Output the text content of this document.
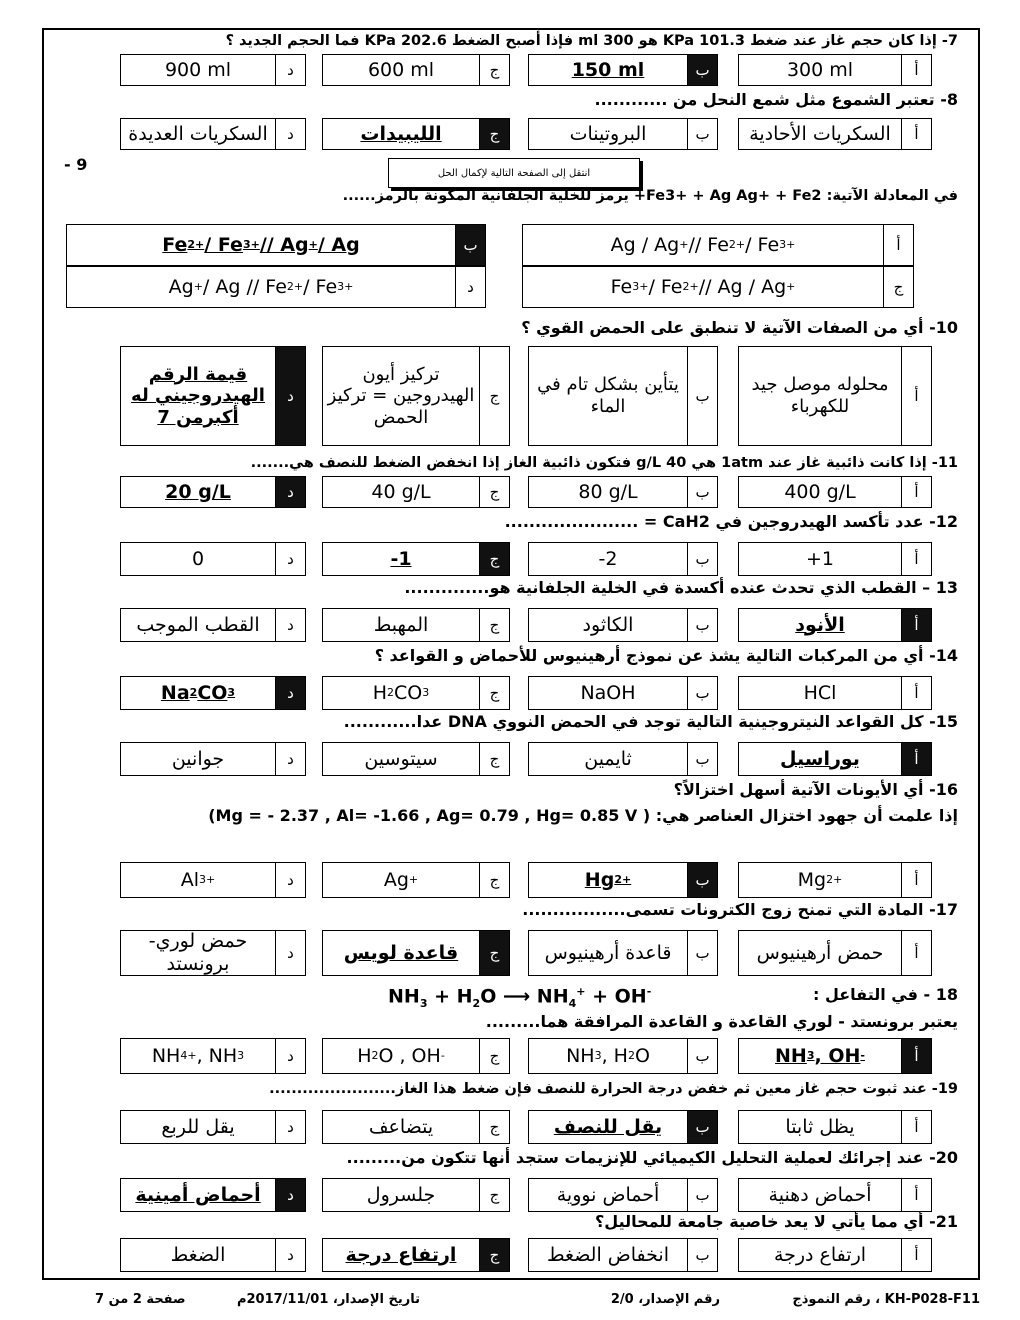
7- إذا كان حجم غاز عند ضغط 101.3 KPa هو 300 ml فإذا أصبح الضغط 202.6 KPa فما الحجم الجديد ؟
أ
300 ml
ب
150 ml
ج
600 ml
د
900 ml
8- تعتبر الشموع مثل شمع النحل من ............
أ
السكريات الأحادية
ب
البروتينات
ج
الليبيدات
د
السكريات العديدة
9 -
في المعادلة الآتية: Fe3+ + Ag Ag+ + Fe2+ يرمز للخلية الجلفانية المكونة بالرمز......
أ
Ag / Ag + // Fe 2+ / Fe 3+
ب
Fe 2+ / Fe 3+ // Ag + / Ag
ج
Fe 3+ / Fe 2+ // Ag / Ag +
د
Ag + / Ag // Fe 2+ / Fe 3+
10- أي من الصفات الآتية لا تنطبق على الحمض القوي ؟
أ
محلوله موصل جيد للكهرباء
ب
يتأين بشكل تام في الماء
ج
تركيز أيون الهيدروجين = تركيز الحمض
د
قيمة الرقم الهيدروجيني له أكبرمن 7
11- إذا كانت ذائبية غاز عند 1atm هي 40 g/L فتكون ذائبية الغاز إذا انخفض الضغط للنصف هي.......
أ
400 g/L
ب
80 g/L
ج
40 g/L
د
20 g/L
12- عدد تأكسد الهيدروجين في CaH2 = ......................
أ
+1
ب
-2
ج
-1
د
0
13 – القطب الذي تحدث عنده أكسدة في الخلية الجلفانية هو..............
أ
الأنود
ب
الكاثود
ج
المهبط
د
القطب الموجب
14- أي من المركبات التالية يشذ عن نموذج أرهينيوس للأحماض و القواعد ؟
أ
HCl
ب
NaOH
ج
H 2 CO 3
د
Na 2 CO 3
15- كل القواعد النيتروجينية التالية توجد في الحمض النووي DNA عدا............
أ
يوراسيل
ب
ثايمين
ج
سيتوسين
د
جوانين
16- أي الأيونات الآتية أسهل اختزالاً؟
إذا علمت أن جهود اختزال العناصر هي: ( Mg = - 2.37 , Al= -1.66 , Ag= 0.79 , Hg= 0.85 V)
أ
Mg 2+
ب
Hg 2+
ج
Ag +
د
Al 3+
17- المادة التي تمنح زوج الكترونات تسمى.................
أ
حمض أرهينيوس
ب
قاعدة أرهينيوس
ج
قاعدة لويس
د
حمض لوري- برونستد
18 - في التفاعل :
يعتبر برونستد - لوري القاعدة و القاعدة المرافقة هما.........
$NH_3 + H_2O$ ⟶ $NH_4^+ + OH^-$
أ
NH 3 , OH -
ب
NH 3 , H 2 O
ج
H 2 O , OH -
د
NH 4 + , NH 3
19- عند ثبوت حجم غاز معين ثم خفض درجة الحرارة للنصف فإن ضغط هذا الغاز.......................
أ
يظل ثابتا
ب
يقل للنصف
ج
يتضاعف
د
يقل للربع
20- عند إجرائك لعملية التحليل الكيميائي للإنزيمات ستجد أنها تتكون من.........
أ
أحماض دهنية
ب
أحماض نووية
ج
جلسرول
د
أحماض أمينية
21- أي مما يأتي لا يعد خاصية جامعة للمحاليل؟
أ
ارتفاع درجة
ب
انخفاض الضغط
ج
ارتفاع درجة
د
الضغط
انتقل إلى الصفحة التالية لإكمال الحل
رقم النموذج ، KH-P028-F11
رقم الإصدار، 2/0
تاريخ الإصدار، 2017/11/01م
صفحة 2 من 7
